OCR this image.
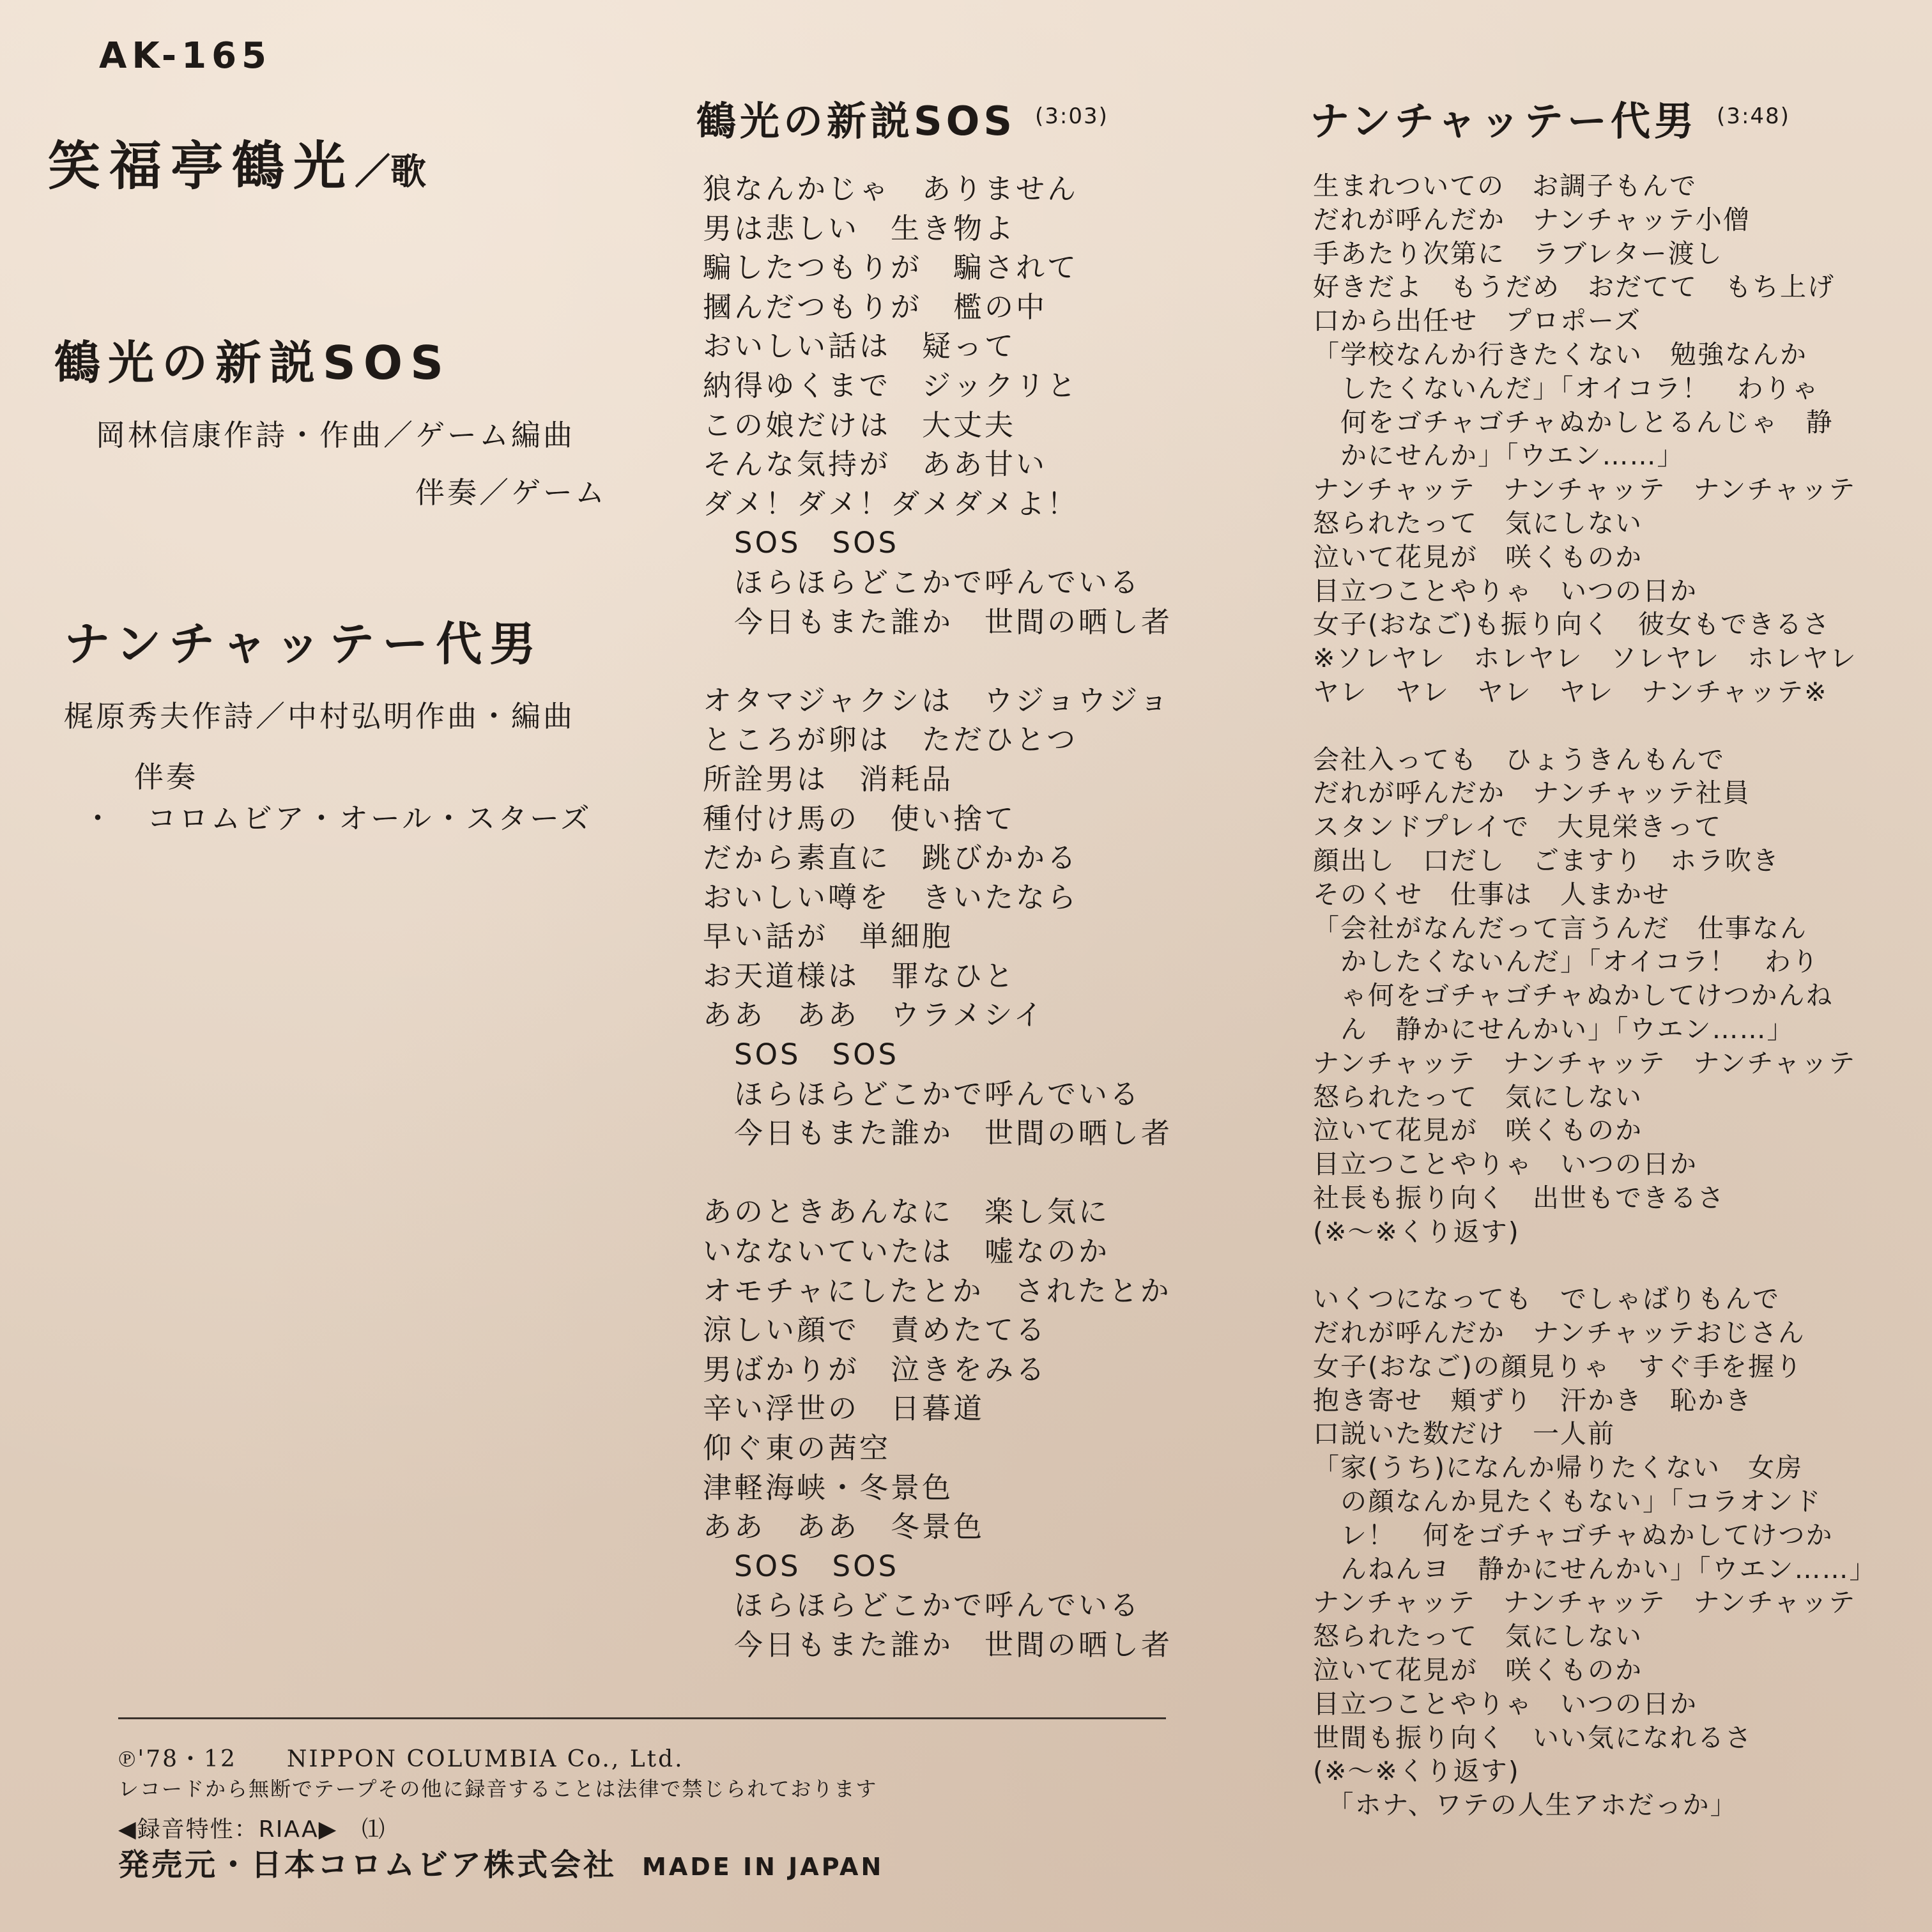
AK-165
笑福亭鶴光／歌
鶴光の新説SOS
岡林信康作詩・作曲／ゲーム編曲
伴奏／ゲーム
ナンチャッテー代男
梶原秀夫作詩／中村弘明作曲・編曲
伴奏
・　コロムビア・オール・スターズ
鶴光の新説SOS $^{(3:03)}$
狼なんかじゃ　ありません
男は悲しい　生き物よ
騙したつもりが　騙されて
摑んだつもりが　檻の中
おいしい話は　疑って
納得ゆくまで　ジックリと
この娘だけは　大丈夫
そんな気持が　ああ甘い
ダメ！ダメ！ダメダメよ！
　SOS　SOS
　ほらほらどこかで呼んでいる
　今日もまた誰か　世間の晒し者
オタマジャクシは　ウジョウジョ
ところが卵は　ただひとつ
所詮男は　消耗品
種付け馬の　使い捨て
だから素直に　跳びかかる
おいしい噂を　きいたなら
早い話が　単細胞
お天道様は　罪なひと
ああ　ああ　ウラメシイ
　SOS　SOS
　ほらほらどこかで呼んでいる
　今日もまた誰か　世間の晒し者
あのときあんなに　楽し気に
いなないていたは　嘘なのか
オモチャにしたとか　されたとか
涼しい顔で　責めたてる
男ばかりが　泣きをみる
辛い浮世の　日暮道
仰ぐ東の茜空
津軽海峡・冬景色
ああ　ああ　冬景色
　SOS　SOS
　ほらほらどこかで呼んでいる
　今日もまた誰か　世間の晒し者
ナンチャッテー代男 $^{(3:48)}$
生まれついての　お調子もんで
だれが呼んだか　ナンチャッテ小僧
手あたり次第に　ラブレター渡し
好きだよ　もうだめ　おだてて　もち上げ
口から出任せ　プロポーズ
「学校なんか行きたくない　勉強なんか
　したくないんだ」「オイコラ！　わりゃ
　何をゴチャゴチャぬかしとるんじゃ　静
　かにせんか」「ウエン……」
ナンチャッテ　ナンチャッテ　ナンチャッテ
怒られたって　気にしない
泣いて花見が　咲くものか
目立つことやりゃ　いつの日か
女子(おなご)も振り向く　彼女もできるさ
※ソレヤレ　ホレヤレ　ソレヤレ　ホレヤレ
ヤレ　ヤレ　ヤレ　ヤレ　ナンチャッテ※
会社入っても　ひょうきんもんで
だれが呼んだか　ナンチャッテ社員
スタンドプレイで　大見栄きって
顔出し　口だし　ごますり　ホラ吹き
そのくせ　仕事は　人まかせ
「会社がなんだって言うんだ　仕事なん
　かしたくないんだ」「オイコラ！　わり
　ゃ何をゴチャゴチャぬかしてけつかんね
　ん　静かにせんかい」「ウエン……」
ナンチャッテ　ナンチャッテ　ナンチャッテ
怒られたって　気にしない
泣いて花見が　咲くものか
目立つことやりゃ　いつの日か
社長も振り向く　出世もできるさ
(※～※くり返す)
いくつになっても　でしゃばりもんで
だれが呼んだか　ナンチャッテおじさん
女子(おなご)の顔見りゃ　すぐ手を握り
抱き寄せ　頬ずり　汗かき　恥かき
口説いた数だけ　一人前
「家(うち)になんか帰りたくない　女房
　の顔なんか見たくもない」「コラオンド
　レ！　何をゴチャゴチャぬかしてけつか
　んねんヨ　静かにせんかい」「ウエン……」
ナンチャッテ　ナンチャッテ　ナンチャッテ
怒られたって　気にしない
泣いて花見が　咲くものか
目立つことやりゃ　いつの日か
世間も振り向く　いい気になれるさ
(※～※くり返す)
　「ホナ、ワテの人生アホだっか」
℗'78・12　　NIPPON COLUMBIA Co., Ltd.
レコードから無断でテープその他に録音することは法律で禁じられております
◀録音特性：RIAA▶　⑴
発売元・日本コロムビア株式会社 MADE IN JAPAN
